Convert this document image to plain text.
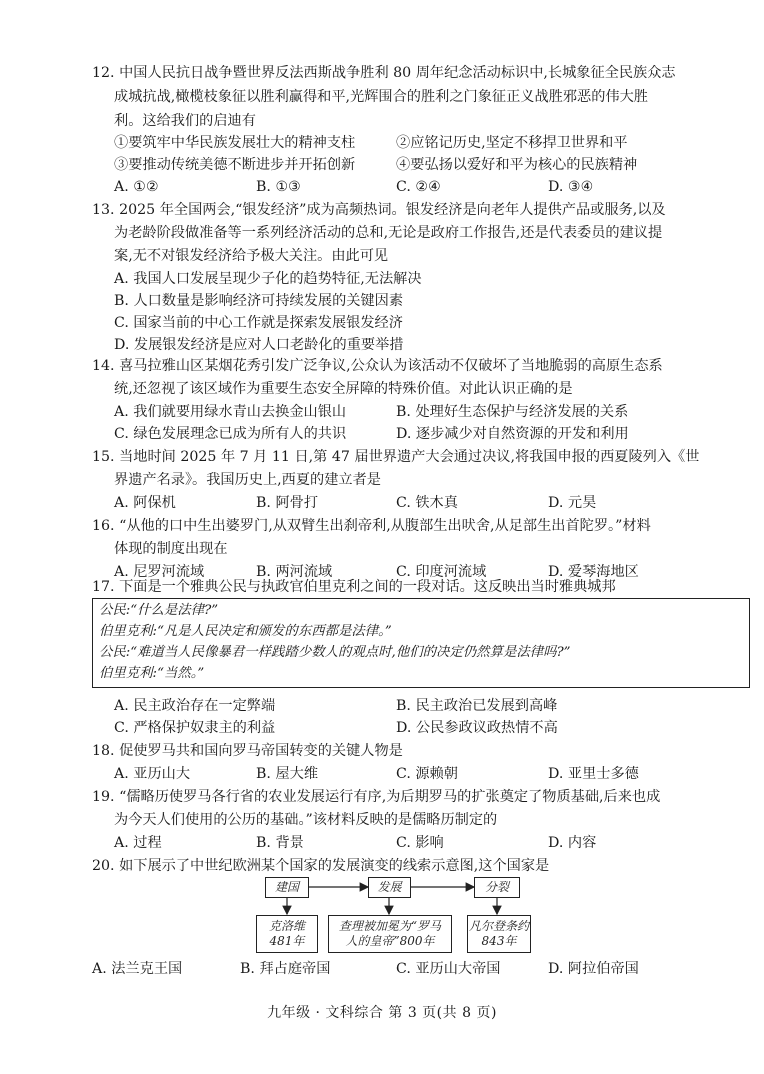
12. 中国人民抗日战争暨世界反法西斯战争胜利 80 周年纪念活动标识中,长城象征全民族众志
成城抗战,橄榄枝象征以胜利赢得和平,光辉围合的胜利之门象征正义战胜邪恶的伟大胜
利。这给我们的启迪有
①要筑牢中华民族发展壮大的精神支柱	②应铭记历史,坚定不移捍卫世界和平
③要推动传统美德不断进步并开拓创新	④要弘扬以爱好和平为核心的民族精神
A. ①②	B. ①③	C. ②④	D. ③④
13. 2025 年全国两会,“银发经济”成为高频热词。银发经济是向老年人提供产品或服务,以及
为老龄阶段做准备等一系列经济活动的总和,无论是政府工作报告,还是代表委员的建议提
案,无不对银发经济给予极大关注。由此可见
A. 我国人口发展呈现少子化的趋势特征,无法解决
B. 人口数量是影响经济可持续发展的关键因素
C. 国家当前的中心工作就是探索发展银发经济
D. 发展银发经济是应对人口老龄化的重要举措
14. 喜马拉雅山区某烟花秀引发广泛争议,公众认为该活动不仅破坏了当地脆弱的高原生态系
统,还忽视了该区域作为重要生态安全屏障的特殊价值。对此认识正确的是
A. 我们就要用绿水青山去换金山银山	B. 处理好生态保护与经济发展的关系
C. 绿色发展理念已成为所有人的共识	D. 逐步减少对自然资源的开发和利用
15. 当地时间 2025 年 7 月 11 日,第 47 届世界遗产大会通过决议,将我国申报的西夏陵列入《世
界遗产名录》。我国历史上,西夏的建立者是
A. 阿保机	B. 阿骨打	C. 铁木真	D. 元昊
16. “从他的口中生出婆罗门,从双臂生出刹帝利,从腹部生出吠舍,从足部生出首陀罗。”材料
体现的制度出现在
A. 尼罗河流域	B. 两河流域	C. 印度河流域	D. 爱琴海地区
17. 下面是一个雅典公民与执政官伯里克利之间的一段对话。这反映出当时雅典城邦
公民:“什么是法律?”
伯里克利:“凡是人民决定和颁发的东西都是法律。”
公民:“难道当人民像暴君一样践踏少数人的观点时,他们的决定仍然算是法律吗?”
伯里克利:“当然。”
A. 民主政治存在一定弊端	B. 民主政治已发展到高峰
C. 严格保护奴隶主的利益	D. 公民参政议政热情不高
18. 促使罗马共和国向罗马帝国转变的关键人物是
A. 亚历山大	B. 屋大维	C. 源赖朝	D. 亚里士多德
19. “儒略历使罗马各行省的农业发展运行有序,为后期罗马的扩张奠定了物质基础,后来也成
为今天人们使用的公历的基础。”该材料反映的是儒略历制定的
A. 过程	B. 背景	C. 影响	D. 内容
20. 如下展示了中世纪欧洲某个国家的发展演变的线索示意图,这个国家是
建国	发展	分裂
克洛维
481年
查理被加冕为“罗马
人的皇帝”800年
凡尔登条约
843年
A. 法兰克王国	B. 拜占庭帝国	C. 亚历山大帝国	D. 阿拉伯帝国
九年级 · 文科综合 第 3 页(共 8 页)
